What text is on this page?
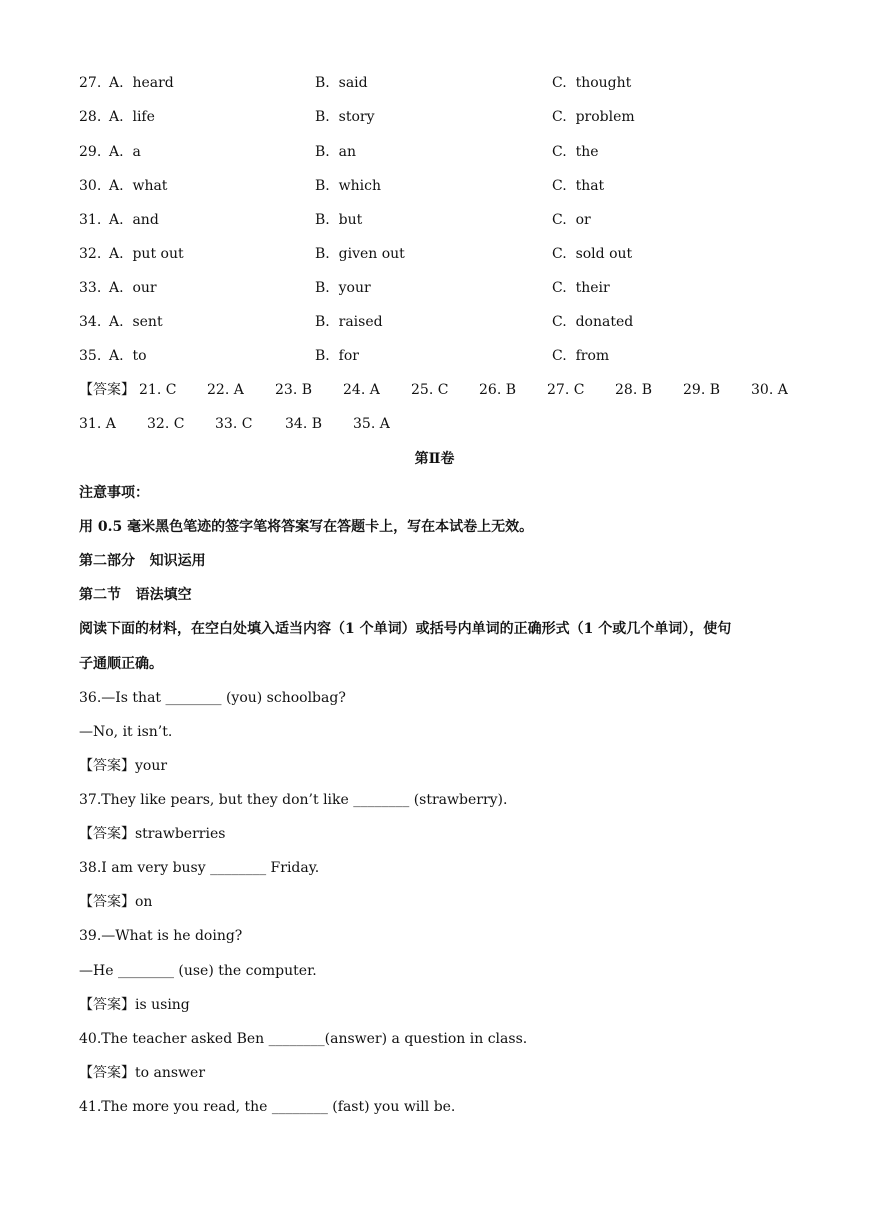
27. A.  heard	B.  said	C.  thought
28. A.  life	B.  story	C.  problem
29. A.  a	B.  an	C.  the
30. A.  what	B.  which	C.  that
31. A.  and	B.  but	C.  or
32. A.  put out	B.  given out	C.  sold out
33. A.  our	B.  your	C.  their
34. A.  sent	B.  raised	C.  donated
35. A.  to	B.  for	C.  from
【答案】 21. C 22. A 23. B 24. A 25. C 26. B 27. C 28. B 29. B 30. A
31. A 32. C 33. C 34. B 35. A
第Ⅱ卷
注意事项：
用 0.5 毫米黑色笔迹的签字笔将答案写在答题卡上，写在本试卷上无效。
第二部分   知识运用
第二节   语法填空
阅读下面的材料，在空白处填入适当内容（1 个单词）或括号内单词的正确形式（1 个或几个单词），使句
子通顺正确。
36.—Is that ________ (you) schoolbag?
—No, it isn’t.
【答案】your
37.They like pears, but they don’t like ________ (strawberry).
【答案】strawberries
38.I am very busy ________ Friday.
【答案】on
39.—What is he doing?
—He ________ (use) the computer.
【答案】is using
40.The teacher asked Ben ________(answer) a question in class.
【答案】to answer
41.The more you read, the ________ (fast) you will be.
